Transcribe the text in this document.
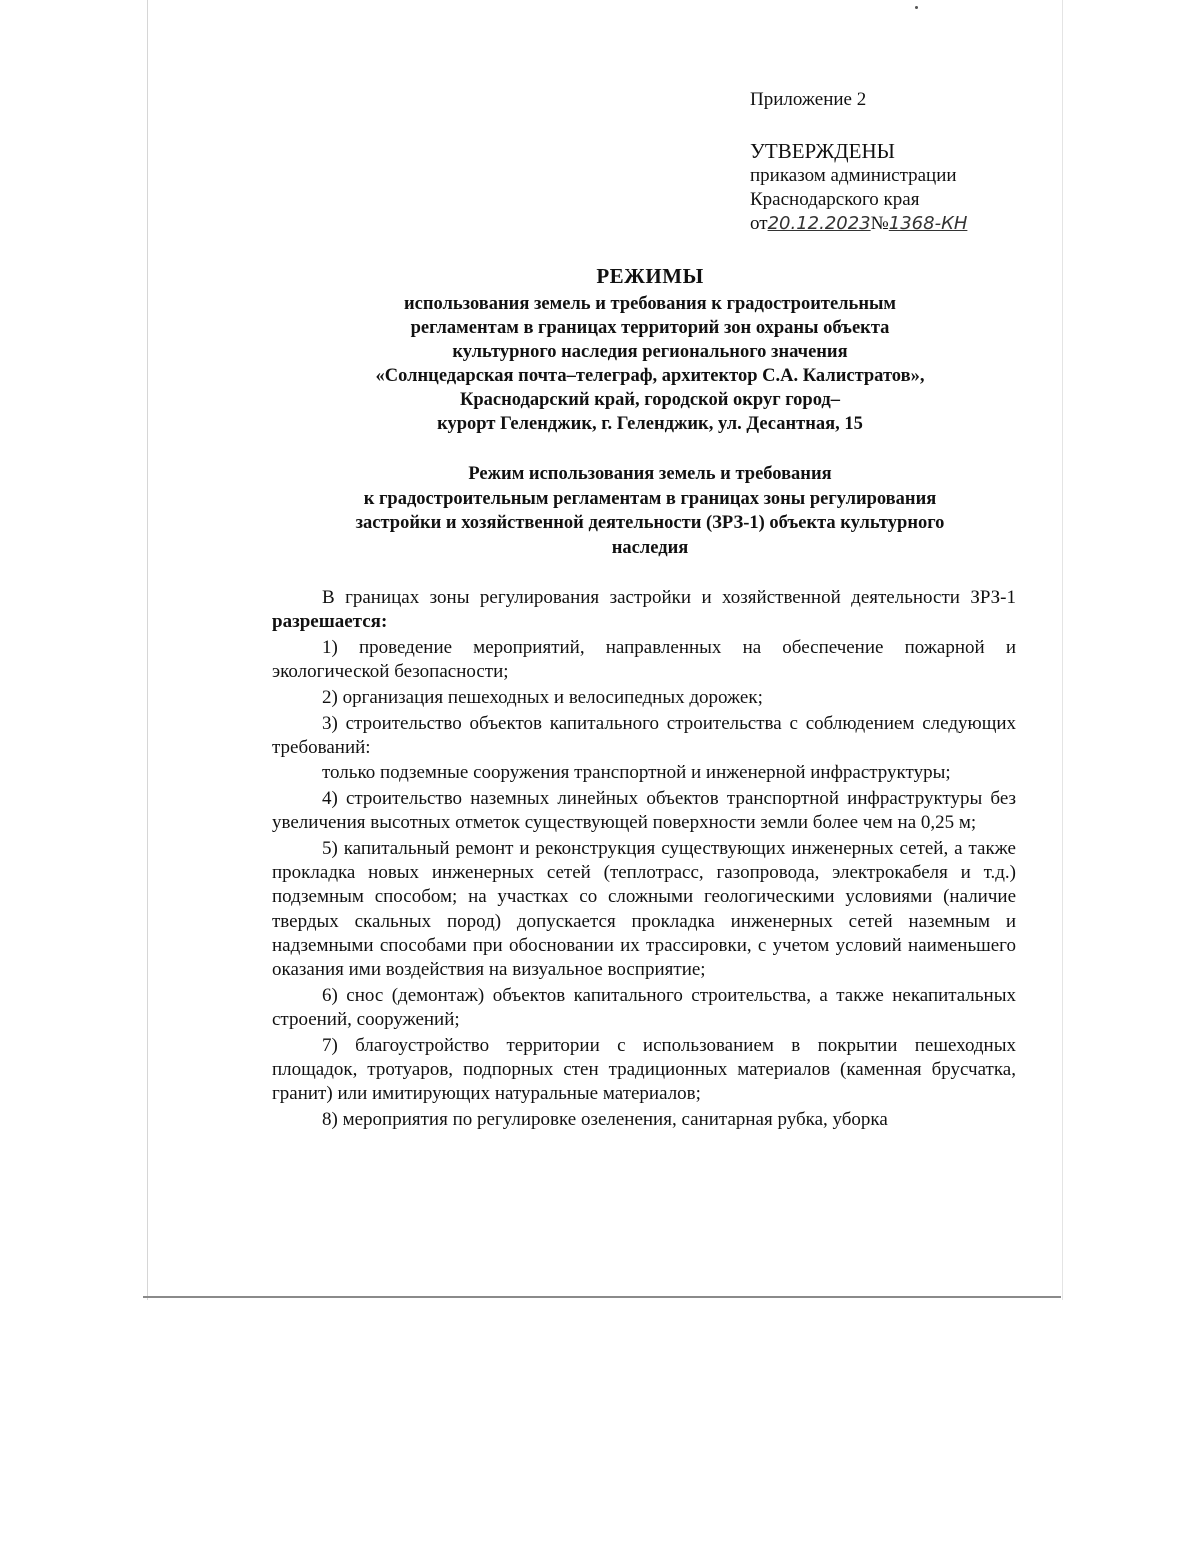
Приложение 2
УТВЕРЖДЕНЫ
приказом администрации
Краснодарского края
от20.12.2023№1368-КН
РЕЖИМЫ
использования земель и требования к градостроительным
регламентам в границах территорий зон охраны объекта
культурного наследия регионального значения
«Солнцедарская почта–телеграф, архитектор С.А. Калистратов»,
Краснодарский край, городской округ город–
курорт Геленджик, г. Геленджик, ул. Десантная, 15
Режим использования земель и требования
к градостроительным регламентам в границах зоны регулирования
застройки и хозяйственной деятельности (ЗРЗ-1) объекта культурного
наследия

В границах зоны регулирования застройки и хозяйственной деятельности ЗРЗ-1 разрешается:

1) проведение мероприятий, направленных на обеспечение пожарной и экологической безопасности;

2) организация пешеходных и велосипедных дорожек;

3) строительство объектов капитального строительства с соблюдением следующих требований:

только подземные сооружения транспортной и инженерной инфраструктуры;

4) строительство наземных линейных объектов транспортной инфраструктуры без увеличения высотных отметок существующей поверхности земли более чем на 0,25 м;

5) капитальный ремонт и реконструкция существующих инженерных сетей, а также прокладка новых инженерных сетей (теплотрасс, газопровода, электрокабеля и т.д.) подземным способом; на участках со сложными геологическими условиями (наличие твердых скальных пород) допускается прокладка инженерных сетей наземным и надземными способами при обосновании их трассировки, с учетом условий наименьшего оказания ими воздействия на визуальное восприятие;

6) снос (демонтаж) объектов капитального строительства, а также некапитальных строений, сооружений;

7) благоустройство территории с использованием в покрытии пешеходных площадок, тротуаров, подпорных стен традиционных материалов (каменная брусчатка, гранит) или имитирующих натуральные материалов;

8) мероприятия по регулировке озеленения, санитарная рубка, уборка
